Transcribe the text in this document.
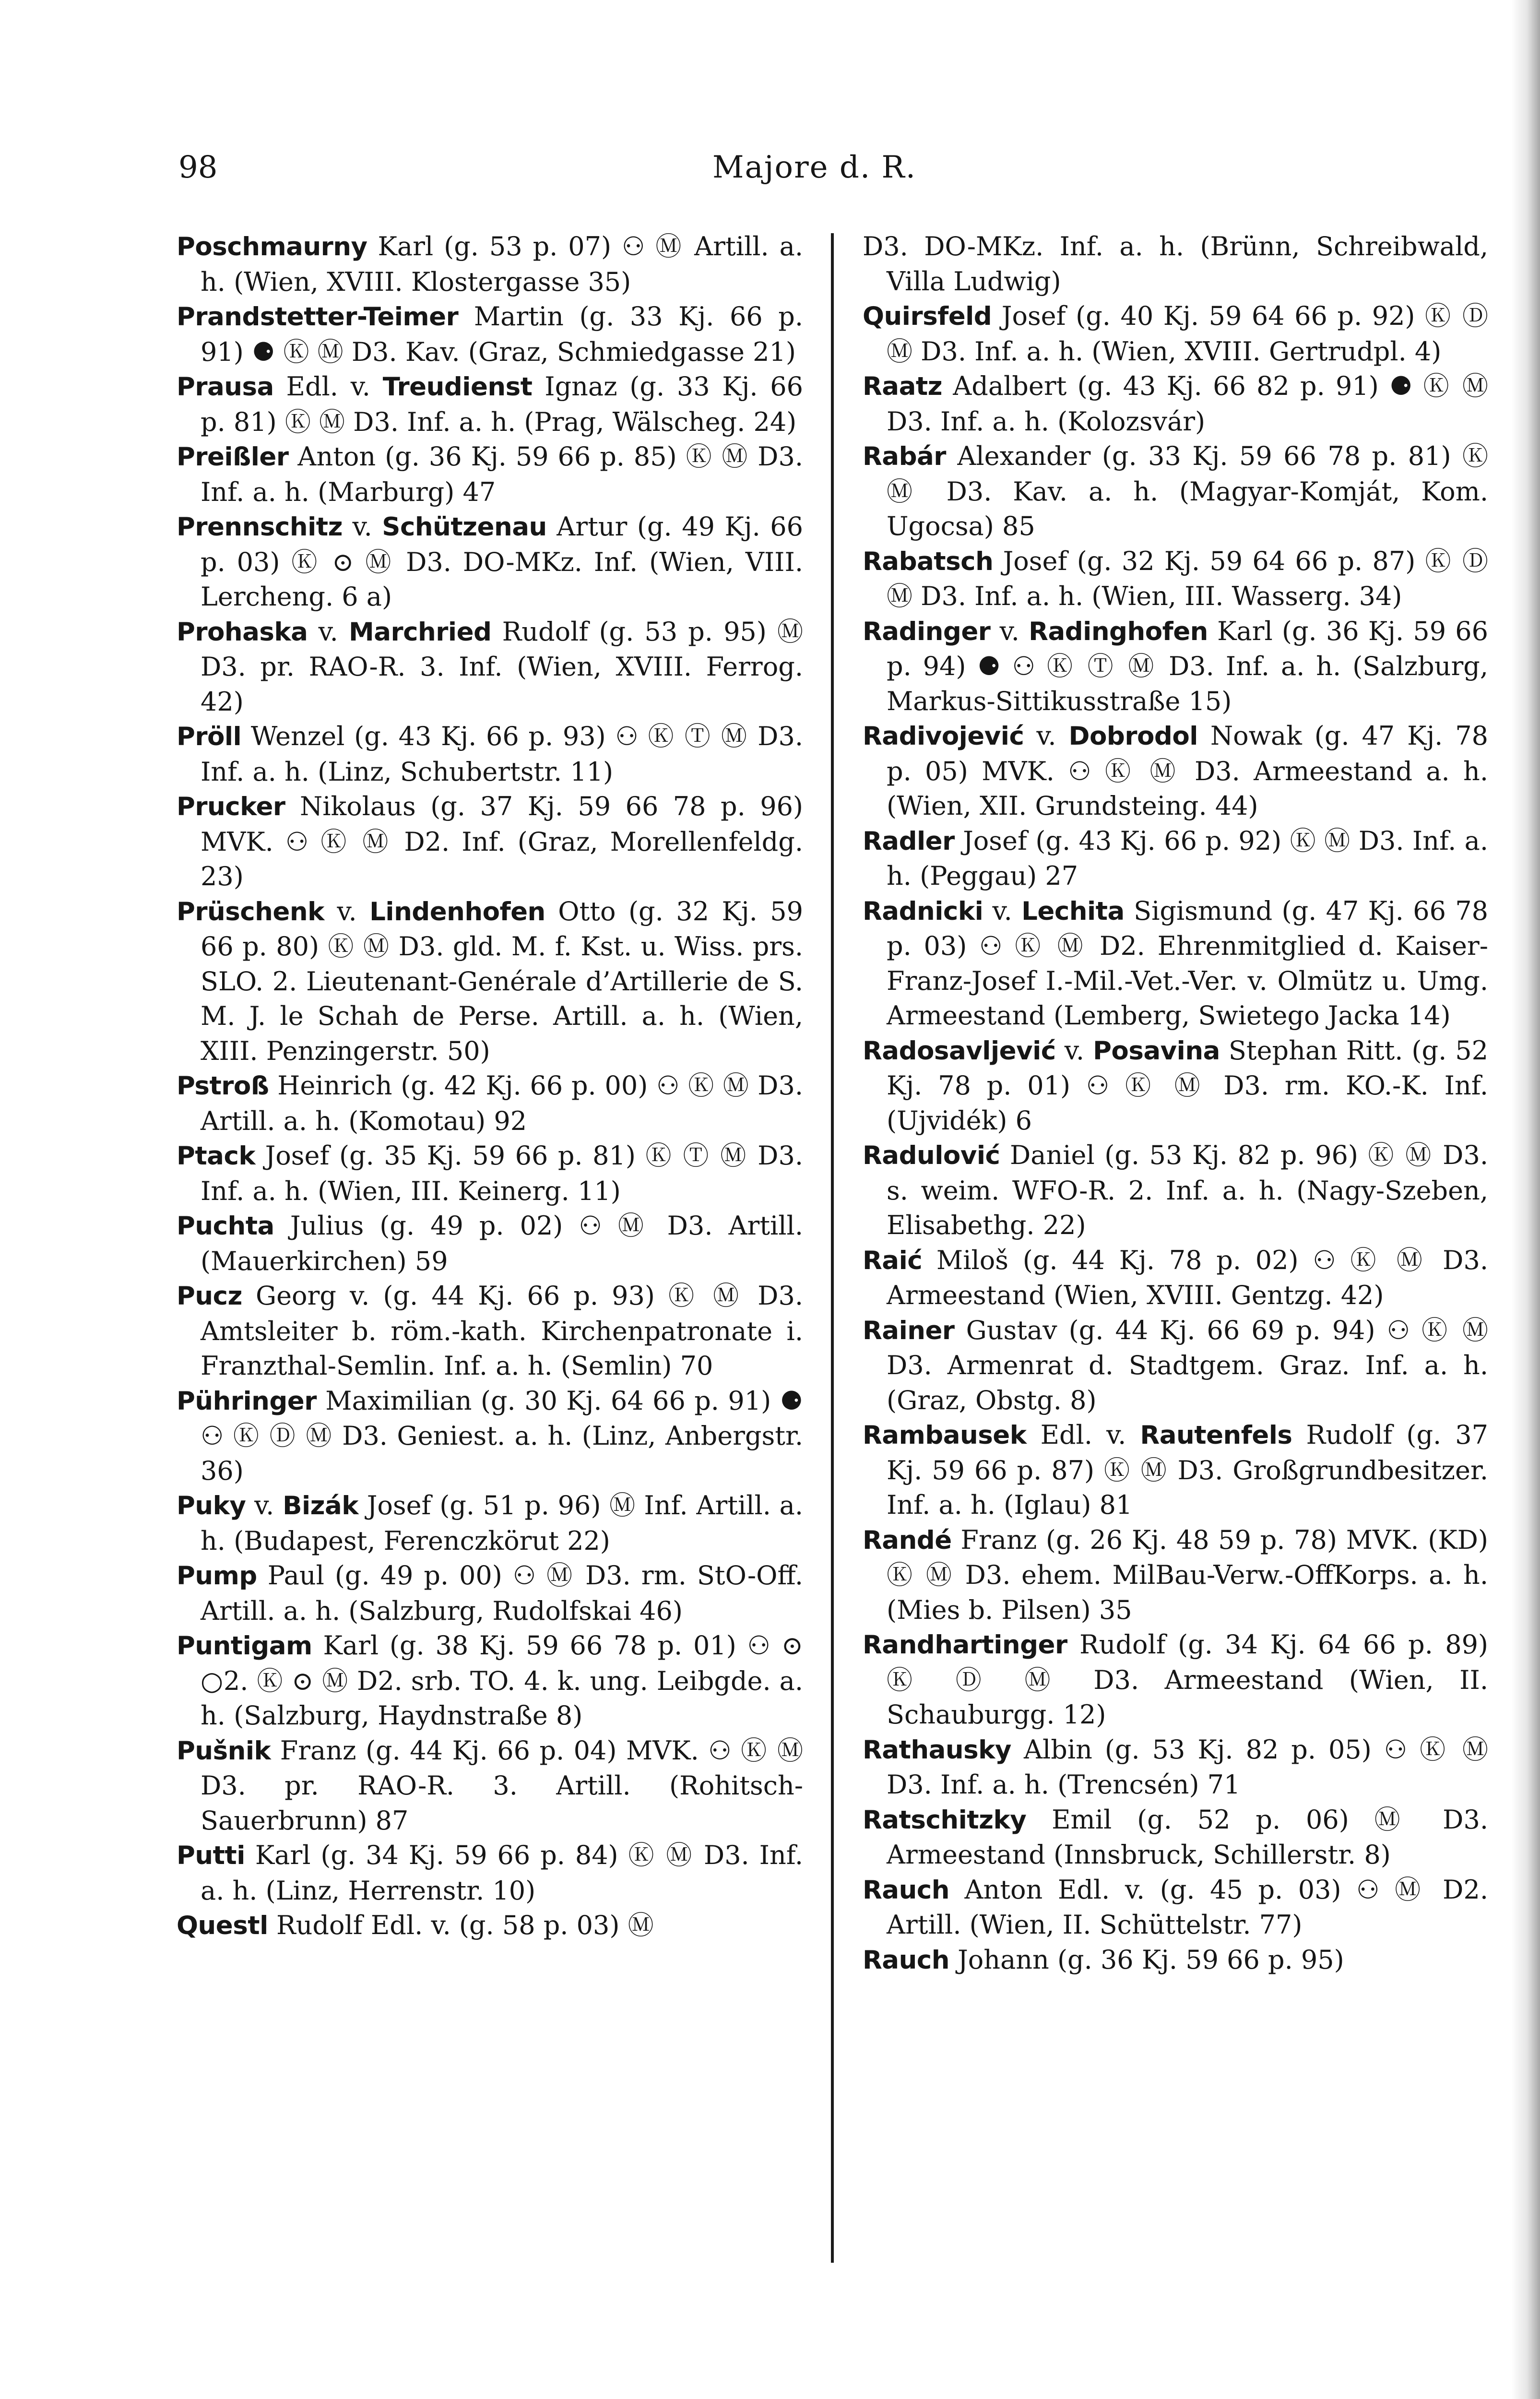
98	Majore d. R.

Poschmaurny Karl (g. 53 p. 07) ⚇ Ⓜ Artill. a. h. (Wien, XVIII. Klostergasse 35)

Prandstetter-Teimer Martin (g. 33 Kj. 66 p. 91) ⚈ Ⓚ Ⓜ D3. Kav. (Graz, Schmiedgasse 21)

Prausa Edl. v. Treudienst Ignaz (g. 33 Kj. 66 p. 81) Ⓚ Ⓜ D3. Inf. a. h. (Prag, Wälscheg. 24)

Preißler Anton (g. 36 Kj. 59 66 p. 85) Ⓚ Ⓜ D3. Inf. a. h. (Marburg) 47

Prennschitz v. Schützenau Artur (g. 49 Kj. 66 p. 03) Ⓚ ⊙ Ⓜ D3. DO-MKz. Inf. (Wien, VIII. Lercheng. 6 a)

Prohaska v. Marchried Rudolf (g. 53 p. 95) Ⓜ D3. pr. RAO-R. 3. Inf. (Wien, XVIII. Ferrog. 42)

Pröll Wenzel (g. 43 Kj. 66 p. 93) ⚇ Ⓚ Ⓣ Ⓜ D3. Inf. a. h. (Linz, Schubertstr. 11)

Prucker Nikolaus (g. 37 Kj. 59 66 78 p. 96) MVK. ⚇ Ⓚ Ⓜ D2. Inf. (Graz, Morellenfeldg. 23)

Prüschenk v. Lindenhofen Otto (g. 32 Kj. 59 66 p. 80) Ⓚ Ⓜ D3. gld. M. f. Kst. u. Wiss. prs. SLO. 2. Lieutenant-Genérale d’Artillerie de S. M. J. le Schah de Perse. Artill. a. h. (Wien, XIII. Penzingerstr. 50)

Pstroß Heinrich (g. 42 Kj. 66 p. 00) ⚇ Ⓚ Ⓜ D3. Artill. a. h. (Komotau) 92

Ptack Josef (g. 35 Kj. 59 66 p. 81) Ⓚ Ⓣ Ⓜ D3. Inf. a. h. (Wien, III. Keinerg. 11)

Puchta Julius (g. 49 p. 02) ⚇ Ⓜ D3. Artill. (Mauerkirchen) 59

Pucz Georg v. (g. 44 Kj. 66 p. 93) Ⓚ Ⓜ D3. Amtsleiter b. röm.-kath. Kirchenpatronate i. Franzthal-Semlin. Inf. a. h. (Semlin) 70

Pühringer Maximilian (g. 30 Kj. 64 66 p. 91) ⚈ ⚇ Ⓚ Ⓓ Ⓜ D3. Geniest. a. h. (Linz, Anbergstr. 36)

Puky v. Bizák Josef (g. 51 p. 96) Ⓜ Inf. Artill. a. h. (Budapest, Ferenczkörut 22)

Pump Paul (g. 49 p. 00) ⚇ Ⓜ D3. rm. StO-Off. Artill. a. h. (Salzburg, Rudolfskai 46)

Puntigam Karl (g. 38 Kj. 59 66 78 p. 01) ⚇ ⊙ ○2. Ⓚ ⊙ Ⓜ D2. srb. TO. 4. k. ung. Leibgde. a. h. (Salzburg, Haydnstraße 8)

Pušnik Franz (g. 44 Kj. 66 p. 04) MVK. ⚇ Ⓚ Ⓜ D3. pr. RAO-R. 3. Artill. (Rohitsch-Sauerbrunn) 87

Putti Karl (g. 34 Kj. 59 66 p. 84) Ⓚ Ⓜ D3. Inf. a. h. (Linz, Herrenstr. 10)

Questl Rudolf Edl. v. (g. 58 p. 03) Ⓜ

D3. DO-MKz. Inf. a. h. (Brünn, Schreibwald, Villa Ludwig)

Quirsfeld Josef (g. 40 Kj. 59 64 66 p. 92) Ⓚ Ⓓ Ⓜ D3. Inf. a. h. (Wien, XVIII. Gertrudpl. 4)

Raatz Adalbert (g. 43 Kj. 66 82 p. 91) ⚈ Ⓚ Ⓜ D3. Inf. a. h. (Kolozsvár)

Rabár Alexander (g. 33 Kj. 59 66 78 p. 81) Ⓚ Ⓜ D3. Kav. a. h. (Magyar-Komját, Kom. Ugocsa) 85

Rabatsch Josef (g. 32 Kj. 59 64 66 p. 87) Ⓚ Ⓓ Ⓜ D3. Inf. a. h. (Wien, III. Wasserg. 34)

Radinger v. Radinghofen Karl (g. 36 Kj. 59 66 p. 94) ⚈ ⚇ Ⓚ Ⓣ Ⓜ D3. Inf. a. h. (Salzburg, Markus-Sittikusstraße 15)

Radivojević v. Dobrodol Nowak (g. 47 Kj. 78 p. 05) MVK. ⚇ Ⓚ Ⓜ D3. Armeestand a. h. (Wien, XII. Grundsteing. 44)

Radler Josef (g. 43 Kj. 66 p. 92) Ⓚ Ⓜ D3. Inf. a. h. (Peggau) 27

Radnicki v. Lechita Sigismund (g. 47 Kj. 66 78 p. 03) ⚇ Ⓚ Ⓜ D2. Ehrenmitglied d. Kaiser-Franz-Josef I.-Mil.-Vet.-Ver. v. Olmütz u. Umg. Armeestand (Lemberg, Swietego Jacka 14)

Radosavljević v. Posavina Stephan Ritt. (g. 52 Kj. 78 p. 01) ⚇ Ⓚ Ⓜ D3. rm. KO.-K. Inf. (Ujvidék) 6

Radulović Daniel (g. 53 Kj. 82 p. 96) Ⓚ Ⓜ D3. s. weim. WFO-R. 2. Inf. a. h. (Nagy-Szeben, Elisabethg. 22)

Raić Miloš (g. 44 Kj. 78 p. 02) ⚇ Ⓚ Ⓜ D3. Armeestand (Wien, XVIII. Gentzg. 42)

Rainer Gustav (g. 44 Kj. 66 69 p. 94) ⚇ Ⓚ Ⓜ D3. Armenrat d. Stadtgem. Graz. Inf. a. h. (Graz, Obstg. 8)

Rambausek Edl. v. Rautenfels Rudolf (g. 37 Kj. 59 66 p. 87) Ⓚ Ⓜ D3. Großgrundbesitzer. Inf. a. h. (Iglau) 81

Randé Franz (g. 26 Kj. 48 59 p. 78) MVK. (KD) Ⓚ Ⓜ D3. ehem. MilBau-Verw.-OffKorps. a. h. (Mies b. Pilsen) 35

Randhartinger Rudolf (g. 34 Kj. 64 66 p. 89) Ⓚ Ⓓ Ⓜ D3. Armeestand (Wien, II. Schauburgg. 12)

Rathausky Albin (g. 53 Kj. 82 p. 05) ⚇ Ⓚ Ⓜ D3. Inf. a. h. (Trencsén) 71

Ratschitzky Emil (g. 52 p. 06) Ⓜ D3. Armeestand (Innsbruck, Schillerstr. 8)

Rauch Anton Edl. v. (g. 45 p. 03) ⚇ Ⓜ D2. Artill. (Wien, II. Schüttelstr. 77)

Rauch Johann (g. 36 Kj. 59 66 p. 95)
